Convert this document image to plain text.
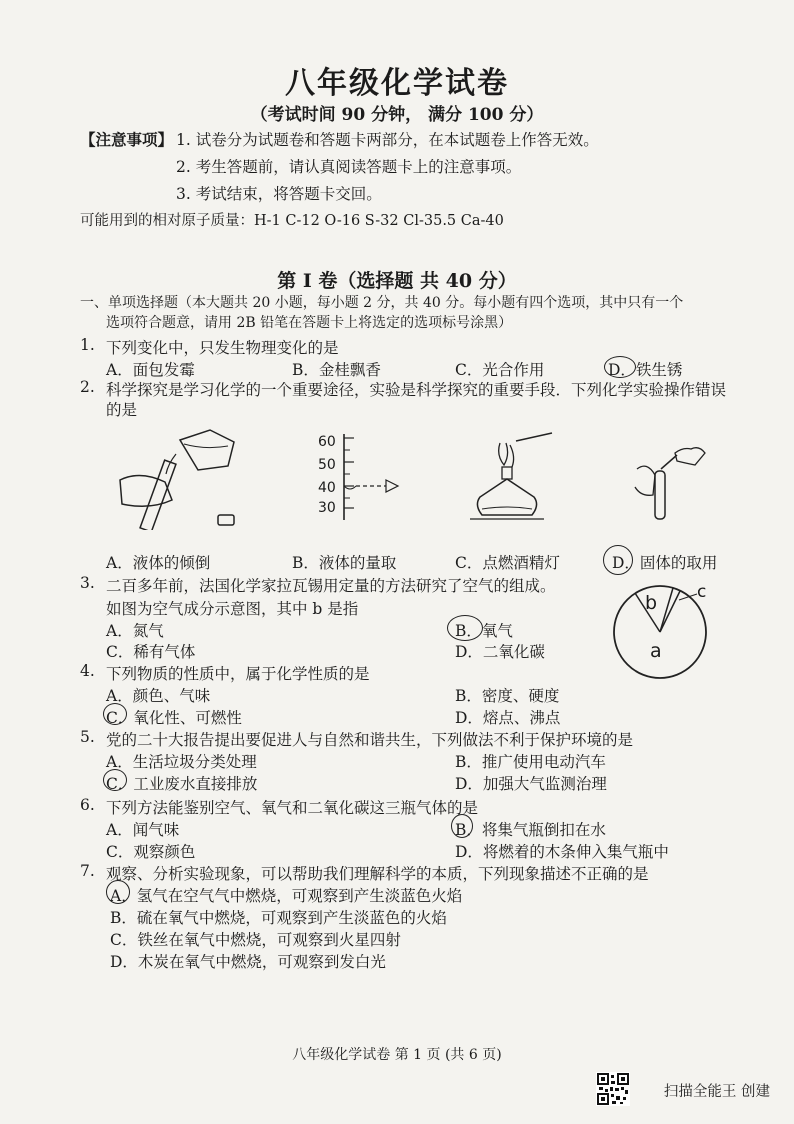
八年级化学试卷
（考试时间 90 分钟， 满分 100 分）
【注意事项】 1. 试卷分为试题卷和答题卡两部分，在本试题卷上作答无效。
2. 考生答题前，请认真阅读答题卡上的注意事项。
3. 考试结束，将答题卡交回。
可能用到的相对原子质量：H-1 C-12 O-16 S-32 Cl-35.5 Ca-40
第 I 卷（选择题 共 40 分）
一、单项选择题（本大题共 20 小题，每小题 2 分，共 40 分。每小题有四个选项，其中只有一个
选项符合题意，请用 2B 铅笔在答题卡上将选定的选项标号涂黑）
1. 下列变化中，只发生物理变化的是
A．面包发霉	B．金桂飘香	C．光合作用	D．铁生锈
2. 科学探究是学习化学的一个重要途径，实验是科学探究的重要手段．下列化学实验操作错误
的是
60
50
40
30
A．液体的倾倒	B．液体的量取	C．点燃酒精灯	D．固体的取用
3. 二百多年前，法国化学家拉瓦锡用定量的方法研究了空气的组成。
如图为空气成分示意图，其中 b 是指
A．氮气	B．氧气
C．稀有气体	D．二氧化碳
b c
a
4. 下列物质的性质中，属于化学性质的是
A．颜色、气味	B．密度、硬度
C．氧化性、可燃性	D．熔点、沸点
5. 党的二十大报告提出要促进人与自然和谐共生，下列做法不利于保护环境的是
A．生活垃圾分类处理	B．推广使用电动汽车
C．工业废水直接排放	D．加强大气监测治理
6. 下列方法能鉴别空气、氧气和二氧化碳这三瓶气体的是
A．闻气味	B．将集气瓶倒扣在水
C．观察颜色	D．将燃着的木条伸入集气瓶中
7. 观察、分析实验现象，可以帮助我们理解科学的本质，下列现象描述不正确的是
A．氢气在空气气中燃烧，可观察到产生淡蓝色火焰
B．硫在氧气中燃烧，可观察到产生淡蓝色的火焰
C．铁丝在氧气中燃烧，可观察到火星四射
D．木炭在氧气中燃烧，可观察到发白光
八年级化学试卷 第 1 页 (共 6 页)
扫描全能王 创建
